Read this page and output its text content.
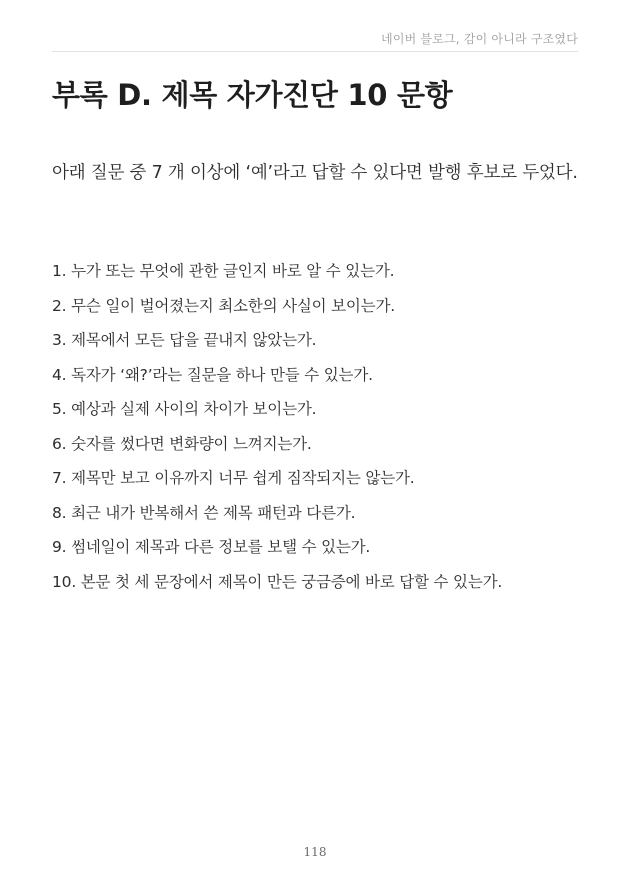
네이버 블로그, 감이 아니라 구조였다
부록 D. 제목 자가진단 10 문항

아래 질문 중 7 개 이상에 ‘예’라고 답할 수 있다면 발행 후보로 두었다.

1. 누가 또는 무엇에 관한 글인지 바로 알 수 있는가.
2. 무슨 일이 벌어졌는지 최소한의 사실이 보이는가.
3. 제목에서 모든 답을 끝내지 않았는가.
4. 독자가 ‘왜?’라는 질문을 하나 만들 수 있는가.
5. 예상과 실제 사이의 차이가 보이는가.
6. 숫자를 썼다면 변화량이 느껴지는가.
7. 제목만 보고 이유까지 너무 쉽게 짐작되지는 않는가.
8. 최근 내가 반복해서 쓴 제목 패턴과 다른가.
9. 썸네일이 제목과 다른 정보를 보탤 수 있는가.
10. 본문 첫 세 문장에서 제목이 만든 궁금증에 바로 답할 수 있는가.
118
